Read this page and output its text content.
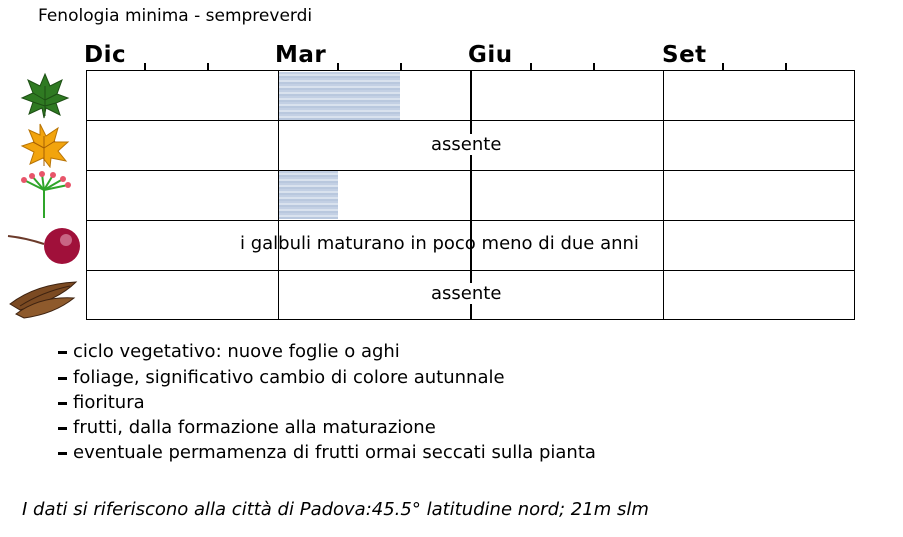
Fenologia minima - sempreverdi
Dic	Mar	Giu	Set
assente
i galbuli maturano in poco meno di due anni
assente
ciclo vegetativo: nuove foglie o aghi
foliage, significativo cambio di colore autunnale
fioritura
frutti, dalla formazione alla maturazione
eventuale permamenza di frutti ormai seccati sulla pianta
I dati si riferiscono alla città di Padova:45.5° latitudine nord; 21m slm
